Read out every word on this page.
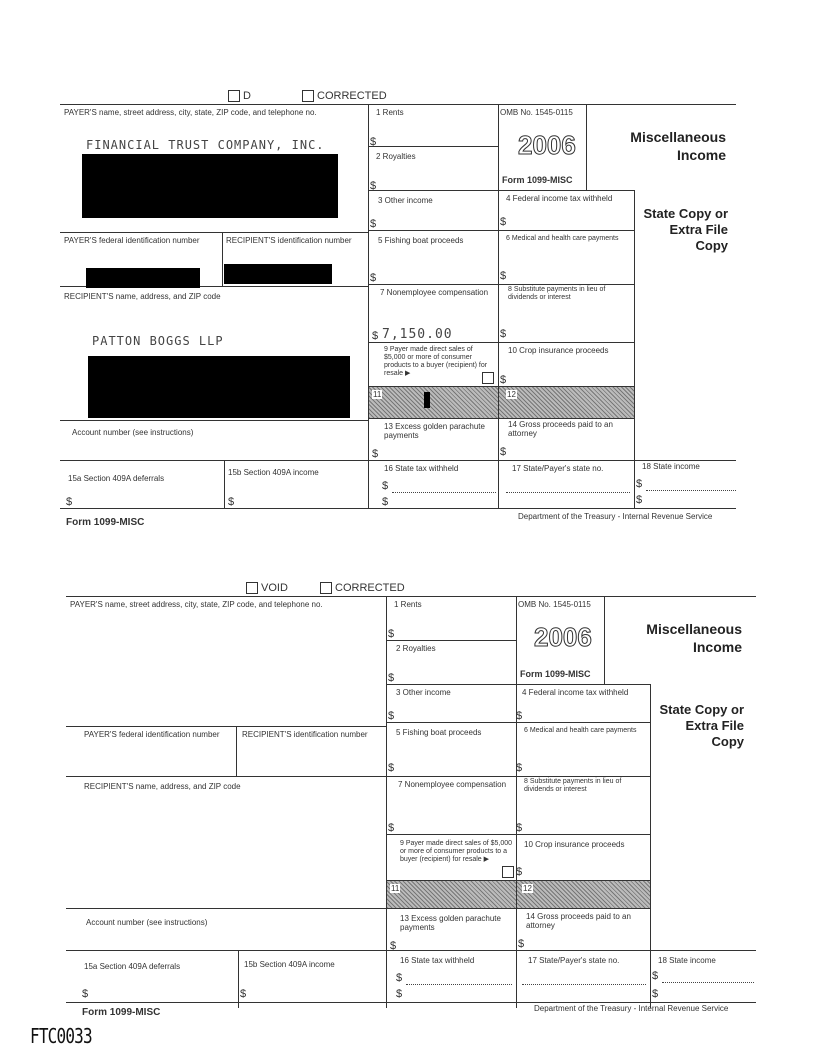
D	CORRECTED
PAYER'S name, street address, city, state, ZIP code, and telephone no.
FINANCIAL TRUST COMPANY, INC.
PAYER'S federal identification number	RECIPIENT'S identification number
RECIPIENT'S name, address, and ZIP code
PATTON BOGGS LLP
Account number (see instructions)
15a Section 409A deferrals
15b Section 409A income
$	$
1 Rents
$
2 Royalties
$
3 Other income
$
5 Fishing boat proceeds
$
7 Nonemployee compensation
$ 7,150.00
9 Payer made direct sales of $5,000 or more of consumer products to a buyer (recipient) for resale ▶
11
13 Excess golden parachute payments
$
16 State tax withheld
$
$
OMB No. 1545-0115
2006
Form 1099-MISC
4 Federal income tax withheld
$
6 Medical and health care payments
$
8 Substitute payments in lieu of dividends or interest
$
10 Crop insurance proceeds
$
12
14 Gross proceeds paid to an attorney
$
17 State/Payer's state no.
Miscellaneous Income
State Copy or Extra File Copy
18 State income
$
$
Form 1099-MISC
Department of the Treasury - Internal Revenue Service
VOID	CORRECTED
PAYER'S name, street address, city, state, ZIP code, and telephone no.
PAYER'S federal identification number	RECIPIENT'S identification number
RECIPIENT'S name, address, and ZIP code
Account number (see instructions)
15a Section 409A deferrals	15b Section 409A income
$	$
1 Rents
$
2 Royalties
$
3 Other income
$
5 Fishing boat proceeds
$
7 Nonemployee compensation
$
9 Payer made direct sales of $5,000 or more of consumer products to a buyer (recipient) for resale ▶
11
13 Excess golden parachute payments
$
16 State tax withheld
$
$
OMB No. 1545-0115
2006
Form 1099-MISC
4 Federal income tax withheld
$
6 Medical and health care payments
$
8 Substitute payments in lieu of dividends or interest
$
10 Crop insurance proceeds
$
12
14 Gross proceeds paid to an attorney
$
17 State/Payer's state no.
Miscellaneous Income
State Copy or Extra File Copy
18 State income
$
$
Form 1099-MISC	Department of the Treasury - Internal Revenue Service
FTC0033
